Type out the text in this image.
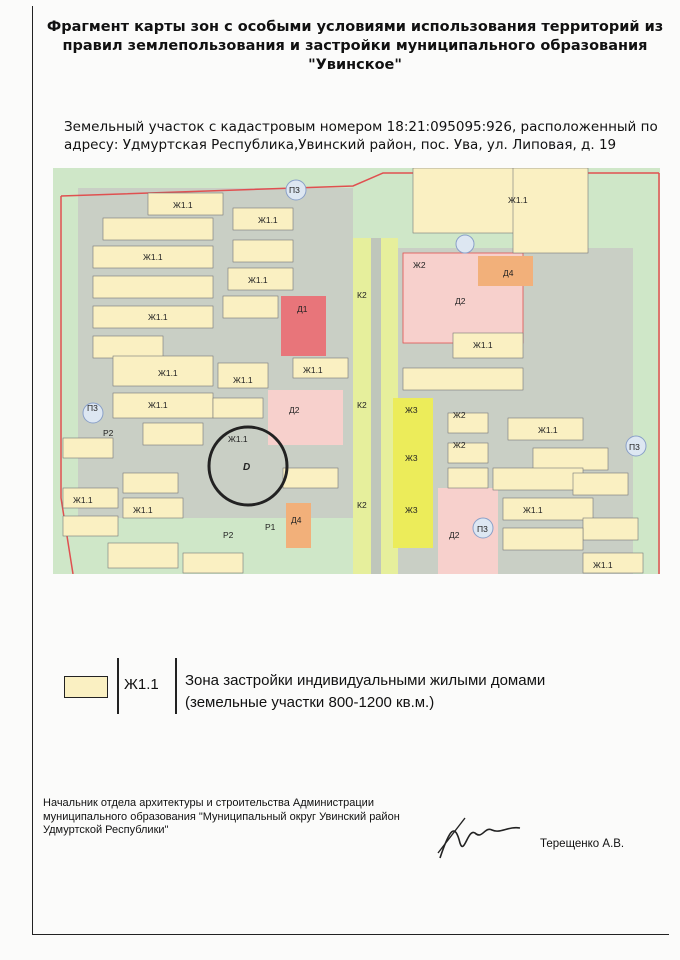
Фрагмент карты зон с особыми условиями использования территорий из правил землепользования и застройки муниципального образования "Увинское"
Земельный участок с кадастровым номером 18:21:095095:926, расположенный по адресу: Удмуртская Республика,Увинский район, пос. Ува, ул. Липовая, д. 19
Ж1.1
Ж1.1
Ж1.1
Ж1.1
Ж1.1
Ж1.1
Ж1.1
Ж1.1
Ж1.1
Ж1.1
Ж1.1
Ж1.1
Ж1.1
Ж1.1
Ж1.1
Ж1.1
Ж1.1
Д2
Д4
Д1
Д2
Д2
Д4
Ж3
Ж3
Ж3
Ж2
Ж2
Ж2
К2
К2
К2
Р2
Р2
Р1
П3
П3
П3
П3
D
Ж1.1 Зона застройки индивидуальными жилыми домами (земельные участки 800-1200 кв.м.)
Начальник отдела архитектуры и строительства Администрации муниципального образования "Муниципальный округ Увинский район Удмуртской Республики"
Терещенко А.В.
